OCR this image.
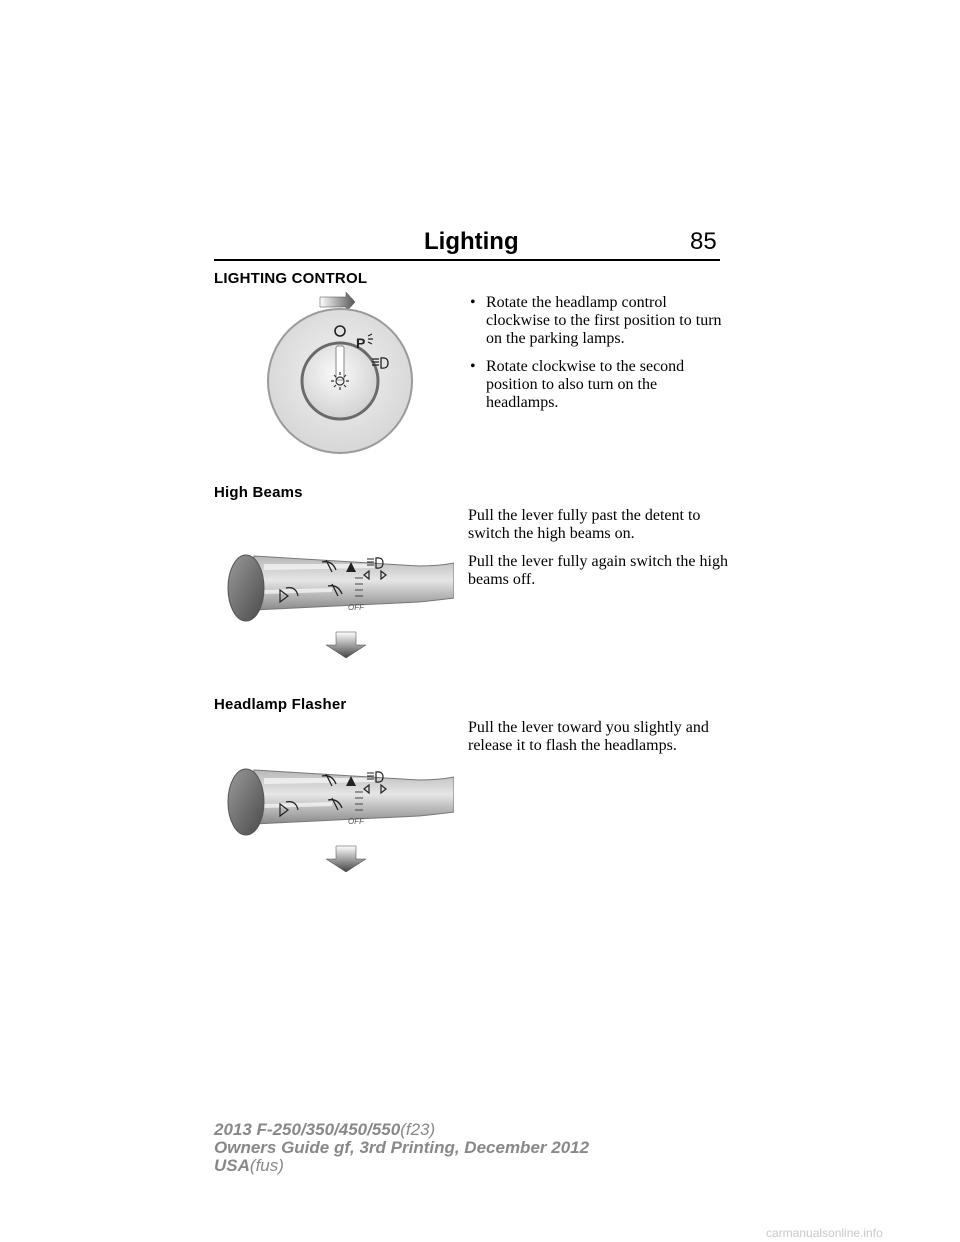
Lighting	85
LIGHTING CONTROL
P
• Rotate the headlamp control clockwise to the first position to turn on the parking lamps.
• Rotate clockwise to the second position to also turn on the headlamps.
High Beams
OFF

Pull the lever fully past the detent to switch the high beams on.

Pull the lever fully again switch the high beams off.

Headlamp Flasher
OFF

Pull the lever toward you slightly and release it to flash the headlamps.

2013 F-250/350/450/550(f23)
Owners Guide gf, 3rd Printing, December 2012
USA(fus)
carmanualsonline.info
